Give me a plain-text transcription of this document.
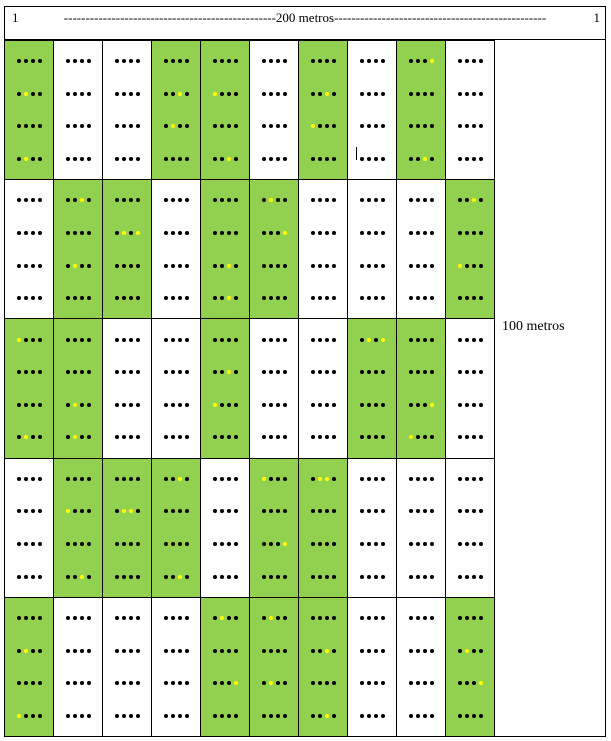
1	-------------------------------------------------200 metros-------------------------------------------------	1
100 metros
